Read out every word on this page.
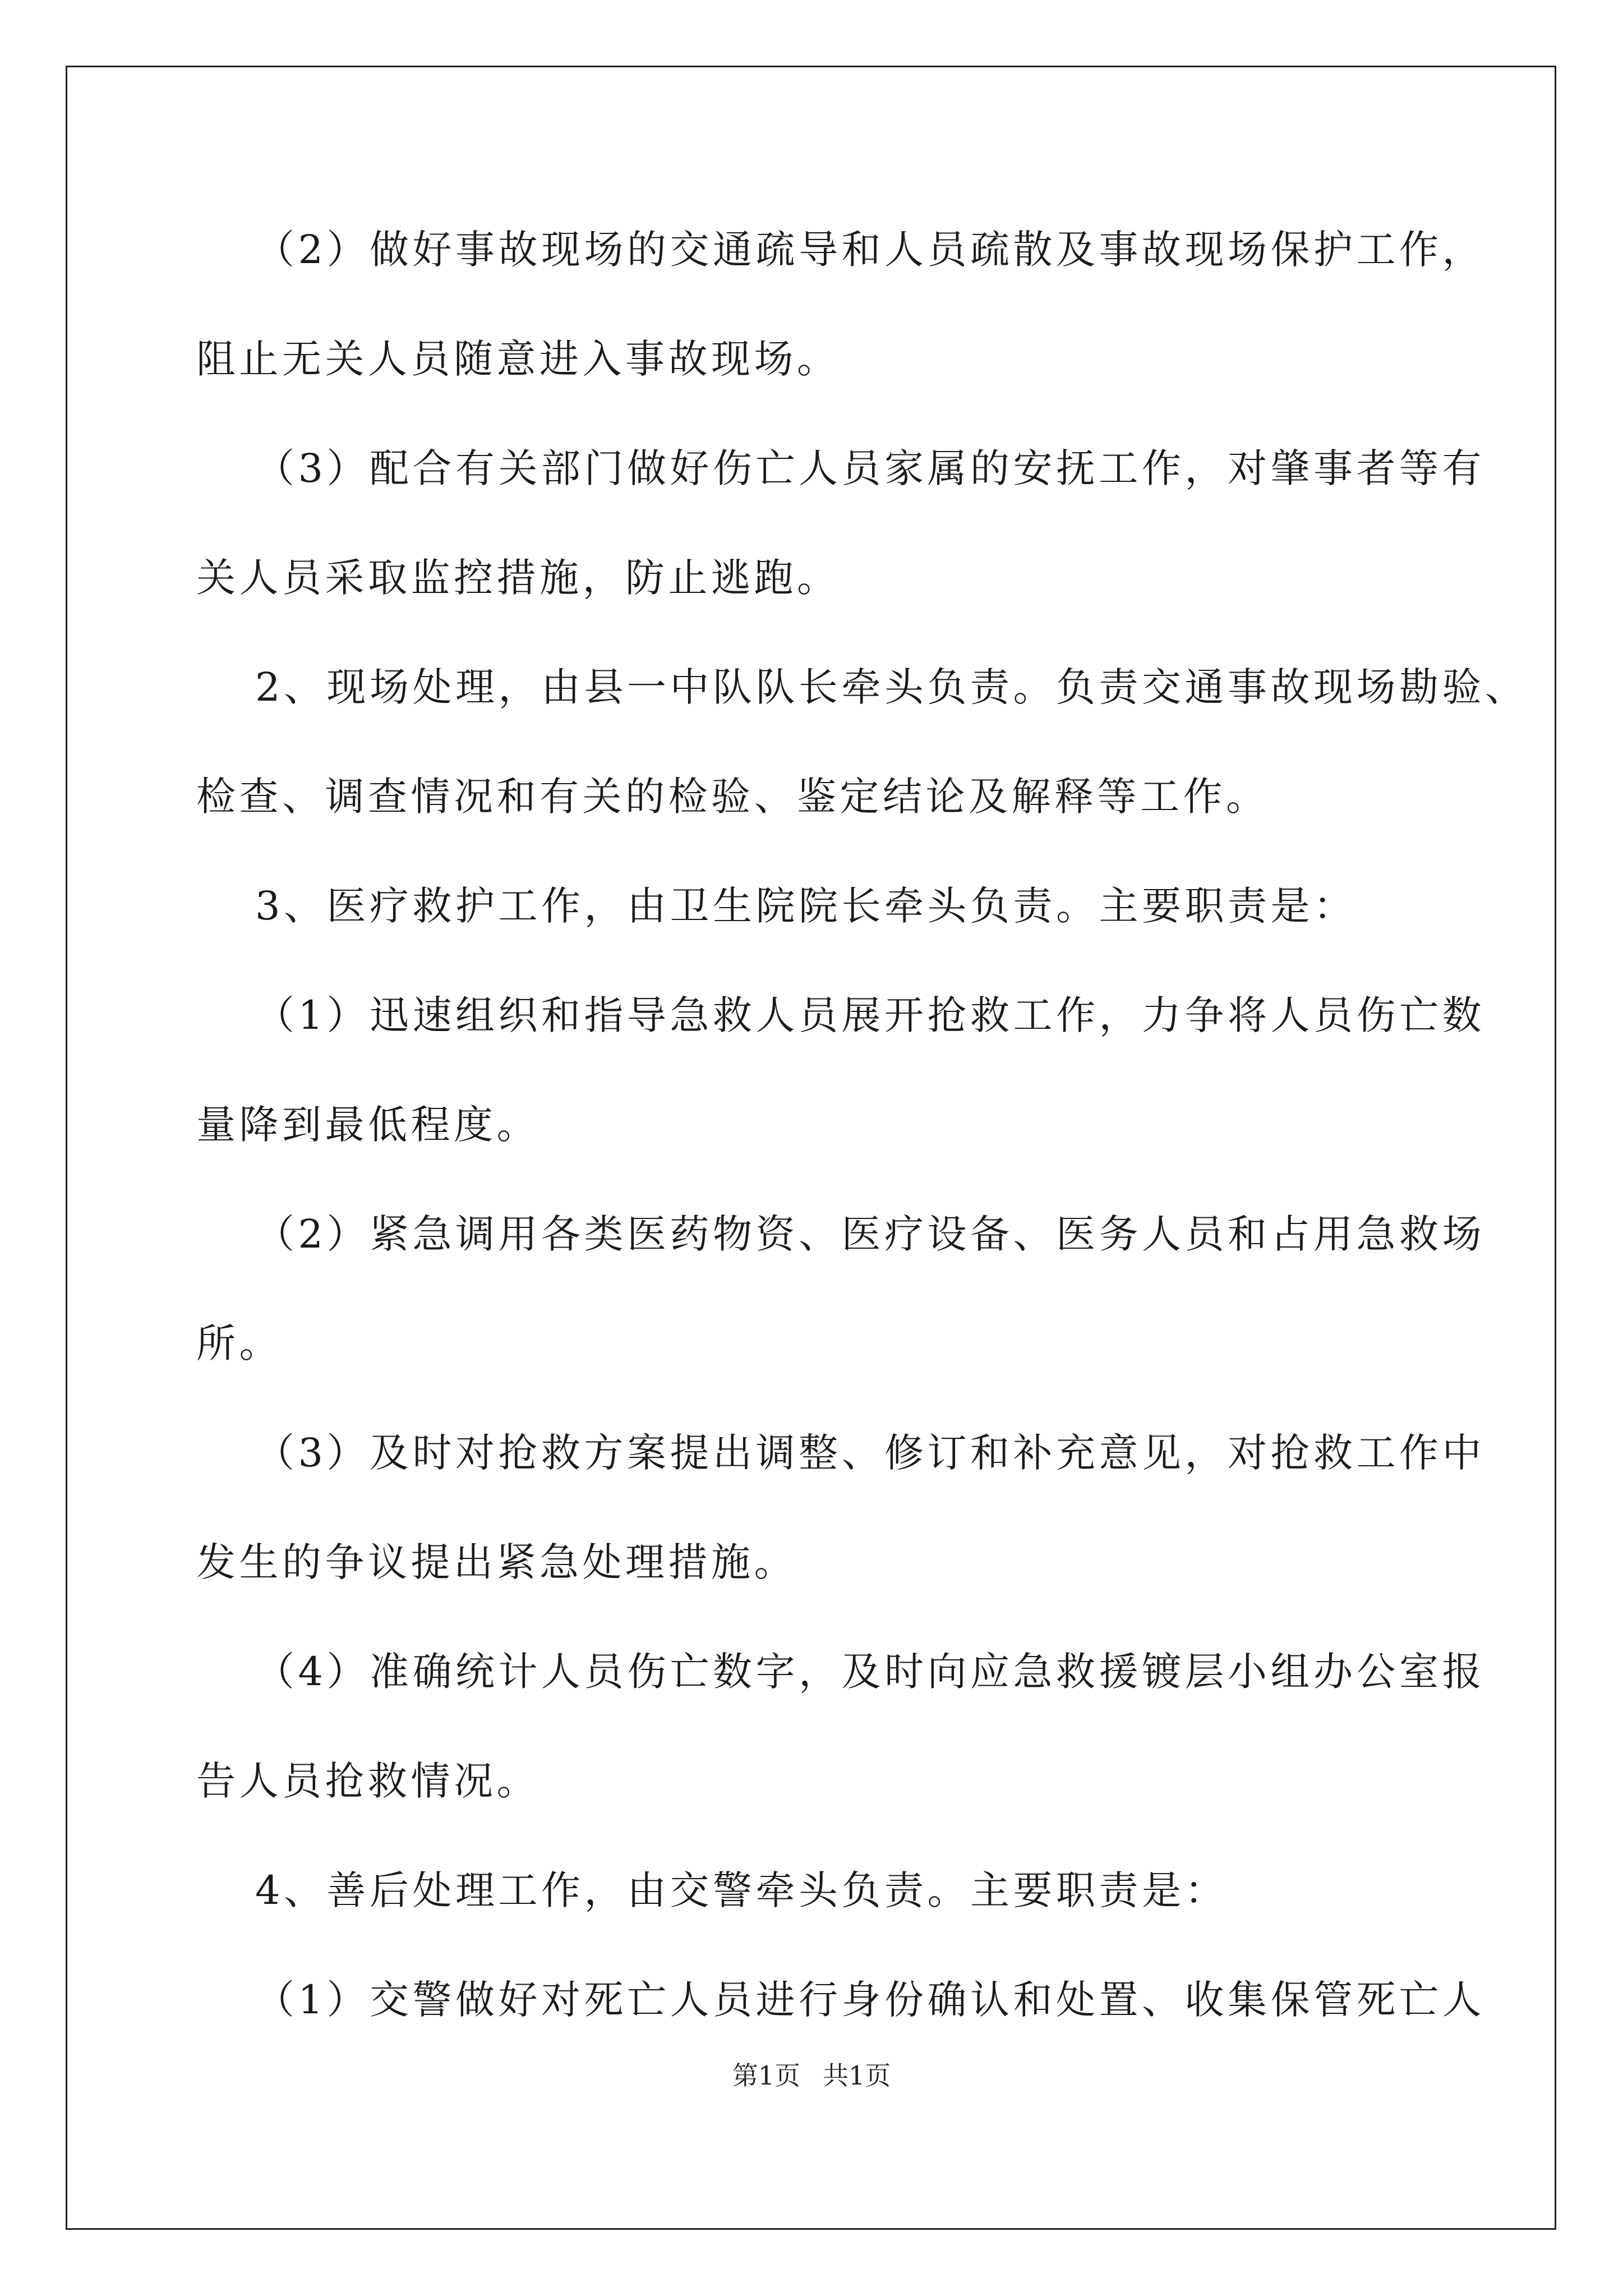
（2）做好事故现场的交通疏导和人员疏散及事故现场保护工作，
阻止无关人员随意进入事故现场。
（3）配合有关部门做好伤亡人员家属的安抚工作，对肇事者等有
关人员采取监控措施，防止逃跑。
2、现场处理，由县一中队队长牵头负责。负责交通事故现场勘验、
检查、调查情况和有关的检验、鉴定结论及解释等工作。
3、医疗救护工作，由卫生院院长牵头负责。主要职责是：
（1）迅速组织和指导急救人员展开抢救工作，力争将人员伤亡数
量降到最低程度。
（2）紧急调用各类医药物资、医疗设备、医务人员和占用急救场
所。
（3）及时对抢救方案提出调整、修订和补充意见，对抢救工作中
发生的争议提出紧急处理措施。
（4）准确统计人员伤亡数字，及时向应急救援镀层小组办公室报
告人员抢救情况。
4、善后处理工作，由交警牵头负责。主要职责是：
（1）交警做好对死亡人员进行身份确认和处置、收集保管死亡人
第1页 共1页
